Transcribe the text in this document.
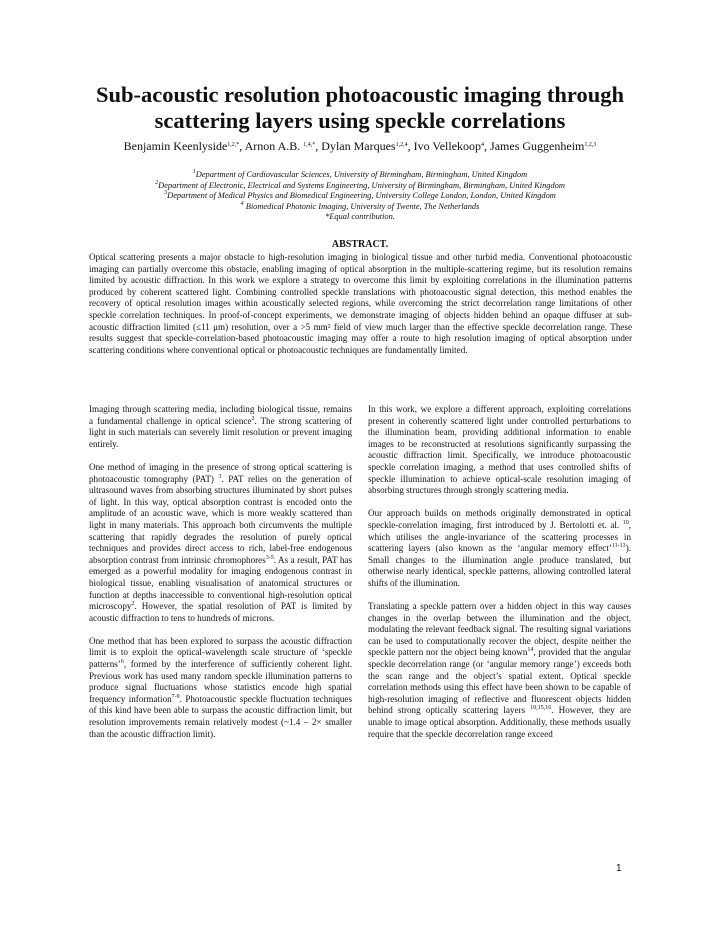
Sub-acoustic resolution photoacoustic imaging through scattering layers using speckle correlations
Benjamin Keenlyside$^{1,2,*}$, Arnon A.B. $^{1,4,*}$, Dylan Marques$^{1,2,4}$, Ivo Vellekoop$^4$, James Guggenheim$^{1,2,3}$
$^1$Department of Cardiovascular Sciences, University of Birmingham, Birmingham, United Kingdom
$^2$Department of Electronic, Electrical and Systems Engineering, University of Birmingham, Birmingham, United Kingdom
$^3$Department of Medical Physics and Biomedical Engineering, University College London, London, United Kingdom
$^4$ Biomedical Photonic Imaging, University of Twente, The Netherlands
*Equal contribution.
ABSTRACT.

Optical scattering presents a major obstacle to high-resolution imaging in biological tissue and other turbid media. Conventional photoacoustic imaging can partially overcome this obstacle, enabling imaging of optical absorption in the multiple-scattering regime, but its resolution remains limited by acoustic diffraction. In this work we explore a strategy to overcome this limit by exploiting correlations in the illumination patterns produced by coherent scattered light. Combining controlled speckle translations with photoacoustic signal detection, this method enables the recovery of optical resolution images within acoustically selected regions, while overcoming the strict decorrelation range limitations of other speckle correlation techniques. In proof-of-concept experiments, we demonstrate imaging of objects hidden behind an opaque diffuser at sub-acoustic diffraction limited (≤11 μm) resolution, over a >5 mm² field of view much larger than the effective speckle decorrelation range. These results suggest that speckle-correlation-based photoacoustic imaging may offer a route to high resolution imaging of optical absorption under scattering conditions where conventional optical or photoacoustic techniques are fundamentally limited.

Imaging through scattering media, including biological tissue, remains a fundamental challenge in optical science$^2$. The strong scattering of light in such materials can severely limit resolution or prevent imaging entirely.

One method of imaging in the presence of strong optical scattering is photoacoustic tomography (PAT) $^3$. PAT relies on the generation of ultrasound waves from absorbing structures illuminated by short pulses of light. In this way, optical absorption contrast is encoded onto the amplitude of an acoustic wave, which is more weakly scattered than light in many materials. This approach both circumvents the multiple scattering that rapidly degrades the resolution of purely optical techniques and provides direct access to rich, label-free endogenous absorption contrast from intrinsic chromophores$^{3-5}$. As a result, PAT has emerged as a powerful modality for imaging endogenous contrast in biological tissue, enabling visualisation of anatomical structures or function at depths inaccessible to conventional high-resolution optical microscopy$^2$. However, the spatial resolution of PAT is limited by acoustic diffraction to tens to hundreds of microns.

One method that has been explored to surpass the acoustic diffraction limit is to exploit the optical-wavelength scale structure of ‘speckle patterns’$^6$, formed by the interference of sufficiently coherent light. Previous work has used many random speckle illumination patterns to produce signal fluctuations whose statistics encode high spatial frequency information$^{7-9}$. Photoacoustic speckle fluctuation techniques of this kind have been able to surpass the acoustic diffraction limit, but resolution improvements remain relatively modest (~1.4 – 2× smaller than the acoustic diffraction limit).

In this work, we explore a different approach, exploiting correlations present in coherently scattered light under controlled perturbations to the illumination beam, providing additional information to enable images to be reconstructed at resolutions significantly surpassing the acoustic diffraction limit. Specifically, we introduce photoacoustic speckle correlation imaging, a method that uses controlled shifts of speckle illumination to achieve optical-scale resolution imaging of absorbing structures through strongly scattering media.

Our approach builds on methods originally demonstrated in optical speckle-correlation imaging, first introduced by J. Bertolotti et. al. $^{10}$, which utilises the angle-invariance of the scattering processes in scattering layers (also known as the ‘angular memory effect’$^{11-13}$). Small changes to the illumination angle produce translated, but otherwise nearly identical, speckle patterns, allowing controlled lateral shifts of the illumination.

Translating a speckle pattern over a hidden object in this way causes changes in the overlap between the illumination and the object, modulating the relevant feedback signal. The resulting signal variations can be used to computationally recover the object, despite neither the speckle pattern nor the object being known$^{14}$, provided that the angular speckle decorrelation range (or ‘angular memory range’) exceeds both the scan range and the object’s spatial extent. Optical speckle correlation methods using this effect have been shown to be capable of high-resolution imaging of reflective and fluorescent objects hidden behind strong optically scattering layers $^{10,15,16}$. However, they are unable to image optical absorption. Additionally, these methods usually require that the speckle decorrelation range exceed

1
